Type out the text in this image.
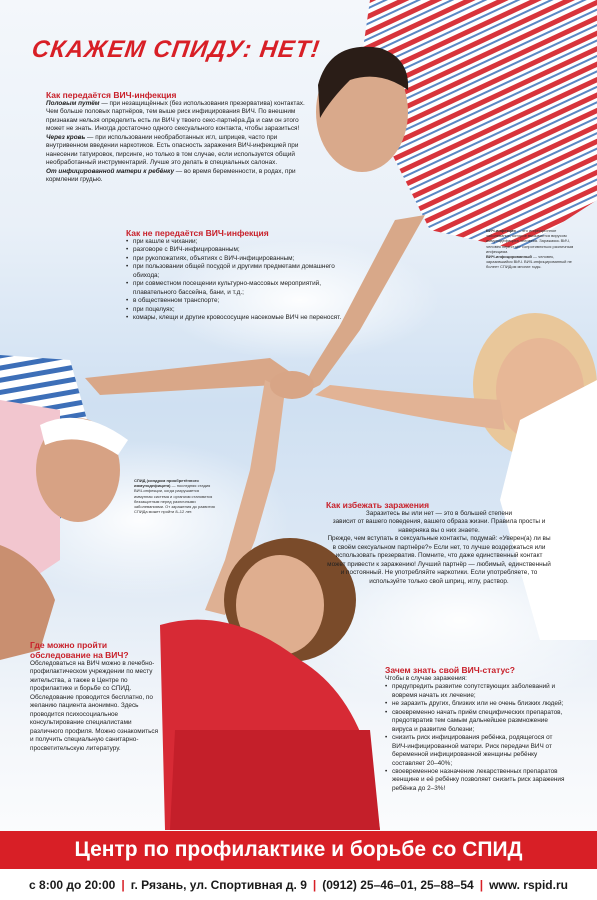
СКАЖЕМ СПИДУ: НЕТ!
Как передаётся ВИЧ-инфекция

Половым путём — при незащищённых (без использования презерватива) контактах. Чем больше половых партнёров, тем выше риск инфицирования ВИЧ. По внешним признакам нельзя определить есть ли ВИЧ у твоего секс-партнёра.Да и сам он этого может не знать. Иногда достаточно одного сексуального контакта, чтобы заразиться!

Через кровь — при использовании необработанных игл, шприцев, часто при внутривенном введении наркотиков. Есть опасность заражения ВИЧ-инфекцией при нанесении татуировок, пирсинге, но только в том случае, если используется общий необработанный инструментарий. Лучше это делать в специальных салонах.

От инфицированной матери к ребёнку — во время беременности, в родах, при кормлении грудью.

Как не передаётся ВИЧ-инфекция
• при кашле и чихании;
• разговоре с ВИЧ-инфицированным;
• при рукопожатиях, объятиях с ВИЧ-инфицированным;
• при пользовании общей посудой и другими предметами домашнего обихода;
• при совместном посещении культурно-массовых мероприятий, плавательного бассейна, бани, и т.д.;
• в общественном транспорте;
• при поцелуях;
• комары, клещи и другие кровососущие насекомые ВИЧ не переносят.
ВИЧ-инфекция — это инфекционное заболевание, которое вызывается вирусом иммунодефицита человека. Заражаясь ВИЧ, человек перестаёт сопротивляться различным инфекциям.
ВИЧ-инфицированный — человек, заразившийся ВИЧ. ВИЧ-инфицированный не болеет СПИДом многие годы.
СПИД (синдром приобретённого иммунодефицита) — последняя стадия ВИЧ-инфекции, когда разрушается иммунная система и организм становится беззащитным перед различными заболеваниями. От заражения до развития СПИДа может пройти 8–12 лет.
Как избежать заражения

Заразитесь вы или нет — это в большей степени

зависит от вашего поведения, вашего образа жизни. Правила просты и наверняка вы о них знаете.

Прежде, чем вступать в сексуальные контакты, подумай: «Уверен(а) ли вы в своём сексуальном партнёре?» Если нет, то лучше воздержаться или использовать презерватив. Помните, что даже единственный контакт может привести к заражению! Лучший партнёр — любимый, единственный

и постоянный. Не употребляйте наркотики. Если употребляете, то используйте только свой шприц, иглу, раствор.

Где можно пройти обследование на ВИЧ?
Обследоваться на ВИЧ можно в лечебно-профилактическом учреждении по месту жительства, а также в Центре по профилактике и борьбе со СПИД. Обследование проводится бесплатно, по желанию пациента анонимно. Здесь проводится психосоциальное консультирование специалистами различного профиля. Можно ознакомиться и получить специальную санитарно-просветительскую литературу.
Зачем знать свой ВИЧ-статус?
Чтобы в случае заражения:
• предупредить развитие сопутствующих заболеваний и вовремя начать их лечение;
• не заразить других, близких или не очень близких людей;
• своевременно начать приём специфических препаратов, предотвратив тем самым дальнейшее размножение вируса и развитие болезни;
• снизить риск инфицирования ребёнка, родящегося от ВИЧ-инфицированной матери. Риск передачи ВИЧ от беременной инфицированной женщины ребёнку составляет 20–40%;
• своевременное назначение лекарственных препаратов женщине и её ребёнку позволяет снизить риск заражения ребёнка до 2–3%!
Центр по профилактике и борьбе со СПИД
с 8:00 до 20:00 | г. Рязань, ул. Спортивная д. 9 | (0912) 25–46–01, 25–88–54 | www. rspid.ru
